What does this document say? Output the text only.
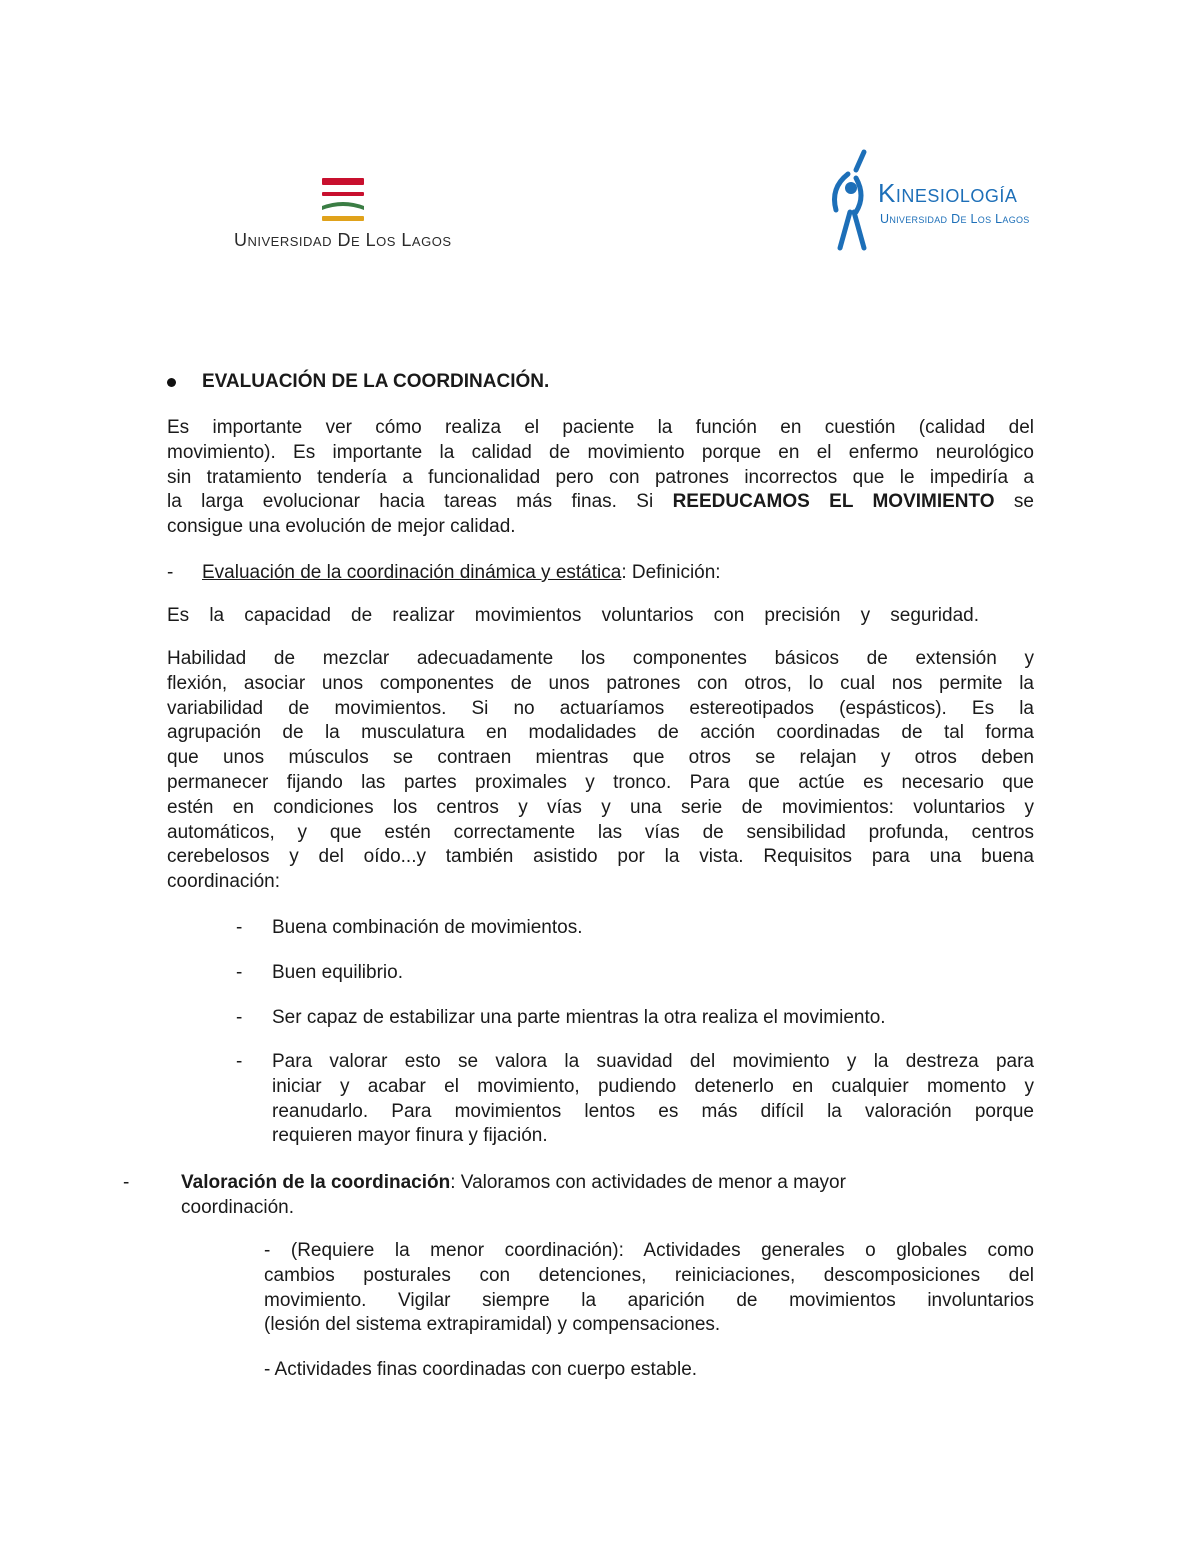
Universidad De Los Lagos
Kinesiología
Universidad De Los Lagos
EVALUACIÓN DE LA COORDINACIÓN.
Es importante ver cómo realiza el paciente la función en cuestión (calidad del
movimiento). Es importante la calidad de movimiento porque en el enfermo neurológico
sin tratamiento tendería a funcionalidad pero con patrones incorrectos que le impediría a
la larga evolucionar hacia tareas más finas. Si REEDUCAMOS EL MOVIMIENTO se
consigue una evolución de mejor calidad.
- Evaluación de la coordinación dinámica y estática: Definición:
Es la capacidad de realizar movimientos voluntarios con precisión y seguridad.
Habilidad de mezclar adecuadamente los componentes básicos de extensión y
flexión, asociar unos componentes de unos patrones con otros, lo cual nos permite la
variabilidad de movimientos. Si no actuaríamos estereotipados (espásticos). Es la
agrupación de la musculatura en modalidades de acción coordinadas de tal forma
que unos músculos se contraen mientras que otros se relajan y otros deben
permanecer fijando las partes proximales y tronco. Para que actúe es necesario que
estén en condiciones los centros y vías y una serie de movimientos: voluntarios y
automáticos, y que estén correctamente las vías de sensibilidad profunda, centros
cerebelosos y del oído...y también asistido por la vista. Requisitos para una buena
coordinación:
- Buena combinación de movimientos.
- Buen equilibrio.
- Ser capaz de estabilizar una parte mientras la otra realiza el movimiento.
- Para valorar esto se valora la suavidad del movimiento y la destreza para
iniciar y acabar el movimiento, pudiendo detenerlo en cualquier momento y
reanudarlo. Para movimientos lentos es más difícil la valoración porque
requieren mayor finura y fijación.
-	Valoración de la coordinación: Valoramos con actividades de menor a mayor
coordinación.
- (Requiere la menor coordinación): Actividades generales o globales como
cambios posturales con detenciones, reiniciaciones, descomposiciones del
movimiento. Vigilar siempre la aparición de movimientos involuntarios
(lesión del sistema extrapiramidal) y compensaciones.
- Actividades finas coordinadas con cuerpo estable.
